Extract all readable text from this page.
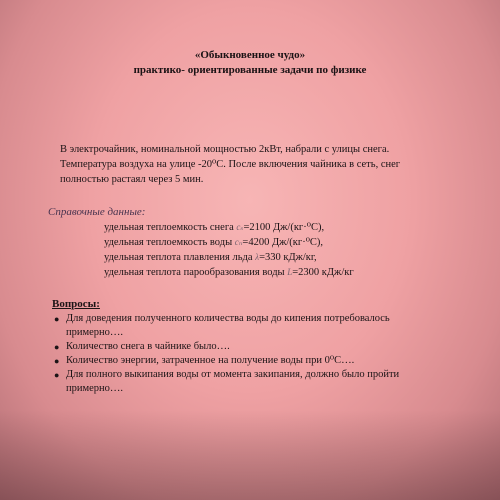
«Обыкновенное чудо»
практико- ориентированные задачи по физике
В электрочайник, номинальной мощностью 2кВт, набрали с улицы снега.
Температура воздуха на улице -20⁰С. После включения чайника в сеть, снег
полностью растаял через 5 мин.
Справочные данные:
удельная теплоемкость снега cₛ=2100 Дж/(кг·⁰С),
удельная теплоемкость воды cₙ=4200 Дж/(кг·⁰С),
удельная теплота плавления льда λ=330 кДж/кг,
удельная теплота парообразования воды L=2300 кДж/кг
Вопросы:
● Для доведения полученного количества воды до кипения потребовалось
примерно….
● Количество снега в чайнике было….
● Количество энергии, затраченное на получение воды при 0⁰С….
● Для полного выкипания воды от момента закипания, должно было пройти
примерно….
